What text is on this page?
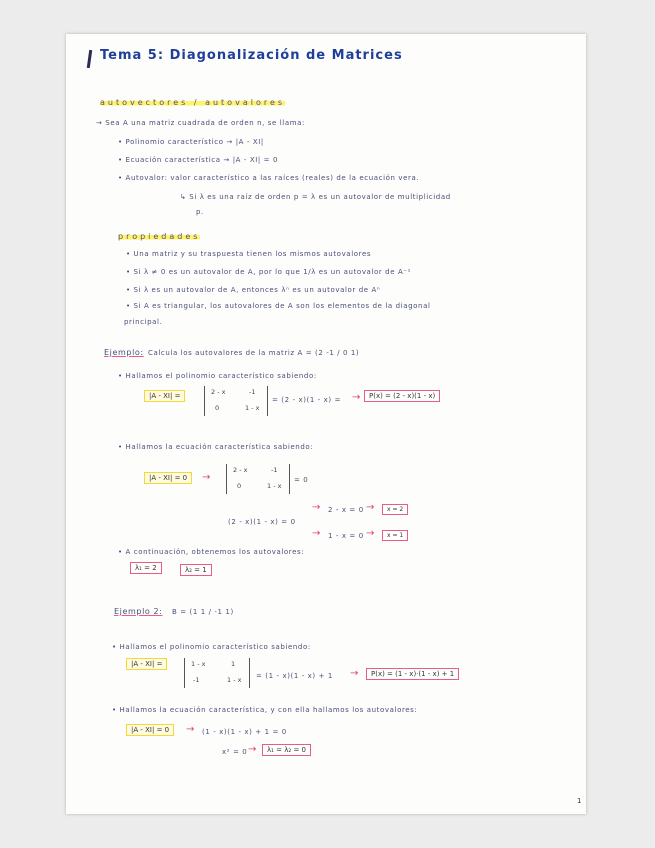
Tema 5: Diagonalización de Matrices
autovectores / autovalores
→ Sea A una matriz cuadrada de orden n, se llama:
• Polinomio característico → |A - XI|
• Ecuación característica → |A - XI| = 0
• Autovalor: valor característico a las raíces (reales) de la ecuación vera.
↳ Si λ es una raíz de orden p = λ es un autovalor de multiplicidad
p.
propiedades
• Una matriz y su traspuesta tienen los mismos autovalores
• Si λ ≠ 0 es un autovalor de A, por lo que 1/λ es un autovalor de A⁻¹
• Si λ es un autovalor de A, entonces λⁿ es un autovalor de Aⁿ
• Si A es triangular, los autovalores de A son los elementos de la diagonal
principal.
Ejemplo: Calcula los autovalores de la matriz A = (2 -1 / 0 1)
• Hallamos el polinomio característico sabiendo:
|A - XI| =	2 - x	-1
0	1 - x
= (2 - x)(1 - x) = →	P(x) = (2 - x)(1 - x)
• Hallamos la ecuación característica sabiendo:
|A - XI| = 0	→
2 - x	-1
0	1 - x
= 0
(2 - x)(1 - x) = 0
→ 2 - x = 0 →	x = 2
→ 1 - x = 0 →	x = 1
• A continuación, obtenemos los autovalores:
λ₁ = 2	λ₂ = 1
Ejemplo 2: B = (1 1 / -1 1)
• Hallamos el polinomio característico sabiendo:
|A - XI| =	1 - x	1
-1	1 - x = (1 - x)(1 - x) + 1 →	P(x) = (1 - x)·(1 - x) + 1
• Hallamos la ecuación característica, y con ella hallamos los autovalores:
|A - XI| = 0	→ (1 - x)(1 - x) + 1 = 0
x² = 0 →	λ₁ = λ₂ = 0
1
